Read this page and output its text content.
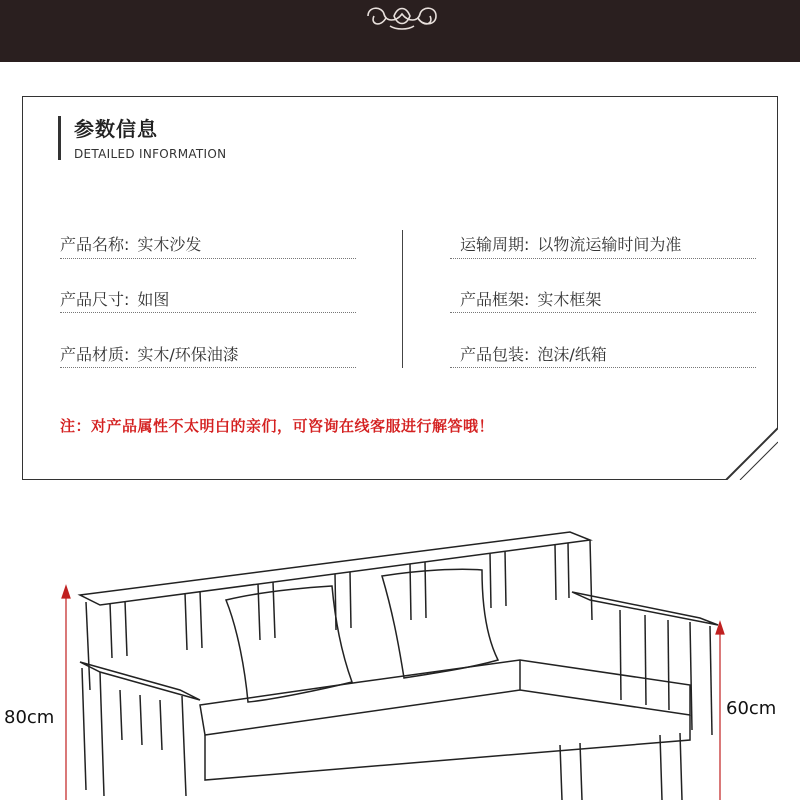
参数信息
DETAILED INFORMATION
产品名称: 实木沙发
产品尺寸: 如图
产品材质: 实木/环保油漆
运输周期: 以物流运输时间为准
产品框架: 实木框架
产品包装: 泡沫/纸箱
注：对产品属性不太明白的亲们，可咨询在线客服进行解答哦！
80cm	60cm
